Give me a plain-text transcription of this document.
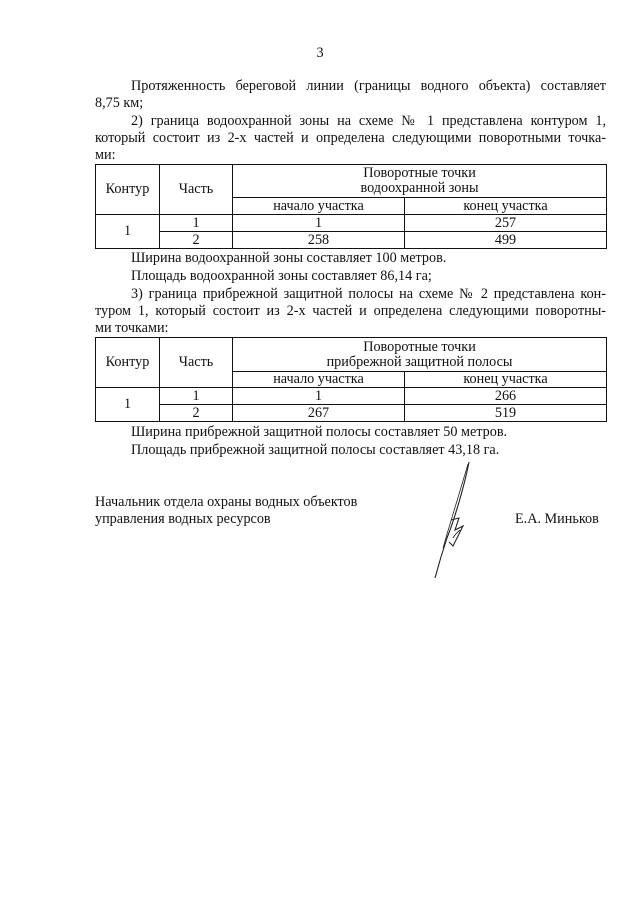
3
Протяженность береговой линии (границы водного объекта) составляет
8,75 км;
2) граница водоохранной зоны на схеме № 1 представлена контуром 1,
который состоит из 2-х частей и определена следующими поворотными точка-
ми:
Контур	Часть	Поворотные точки
водоохранной зоны	

		начало участка	конец участка
1	1	1	257
	2	258	499
Ширина водоохранной зоны составляет 100 метров.
Площадь водоохранной зоны составляет 86,14 га;
3) граница прибрежной защитной полосы на схеме № 2 представлена кон-
туром 1, который состоит из 2-х частей и определена следующими поворотны-
ми точками:
Контур	Часть	Поворотные точки
прибрежной защитной полосы	

		начало участка	конец участка
1	1	1	266
	2	267	519
Ширина прибрежной защитной полосы составляет 50 метров.
Площадь прибрежной защитной полосы составляет 43,18 га.
Начальник отдела охраны водных объектов
управления водных ресурсов	Е.А. Миньков
